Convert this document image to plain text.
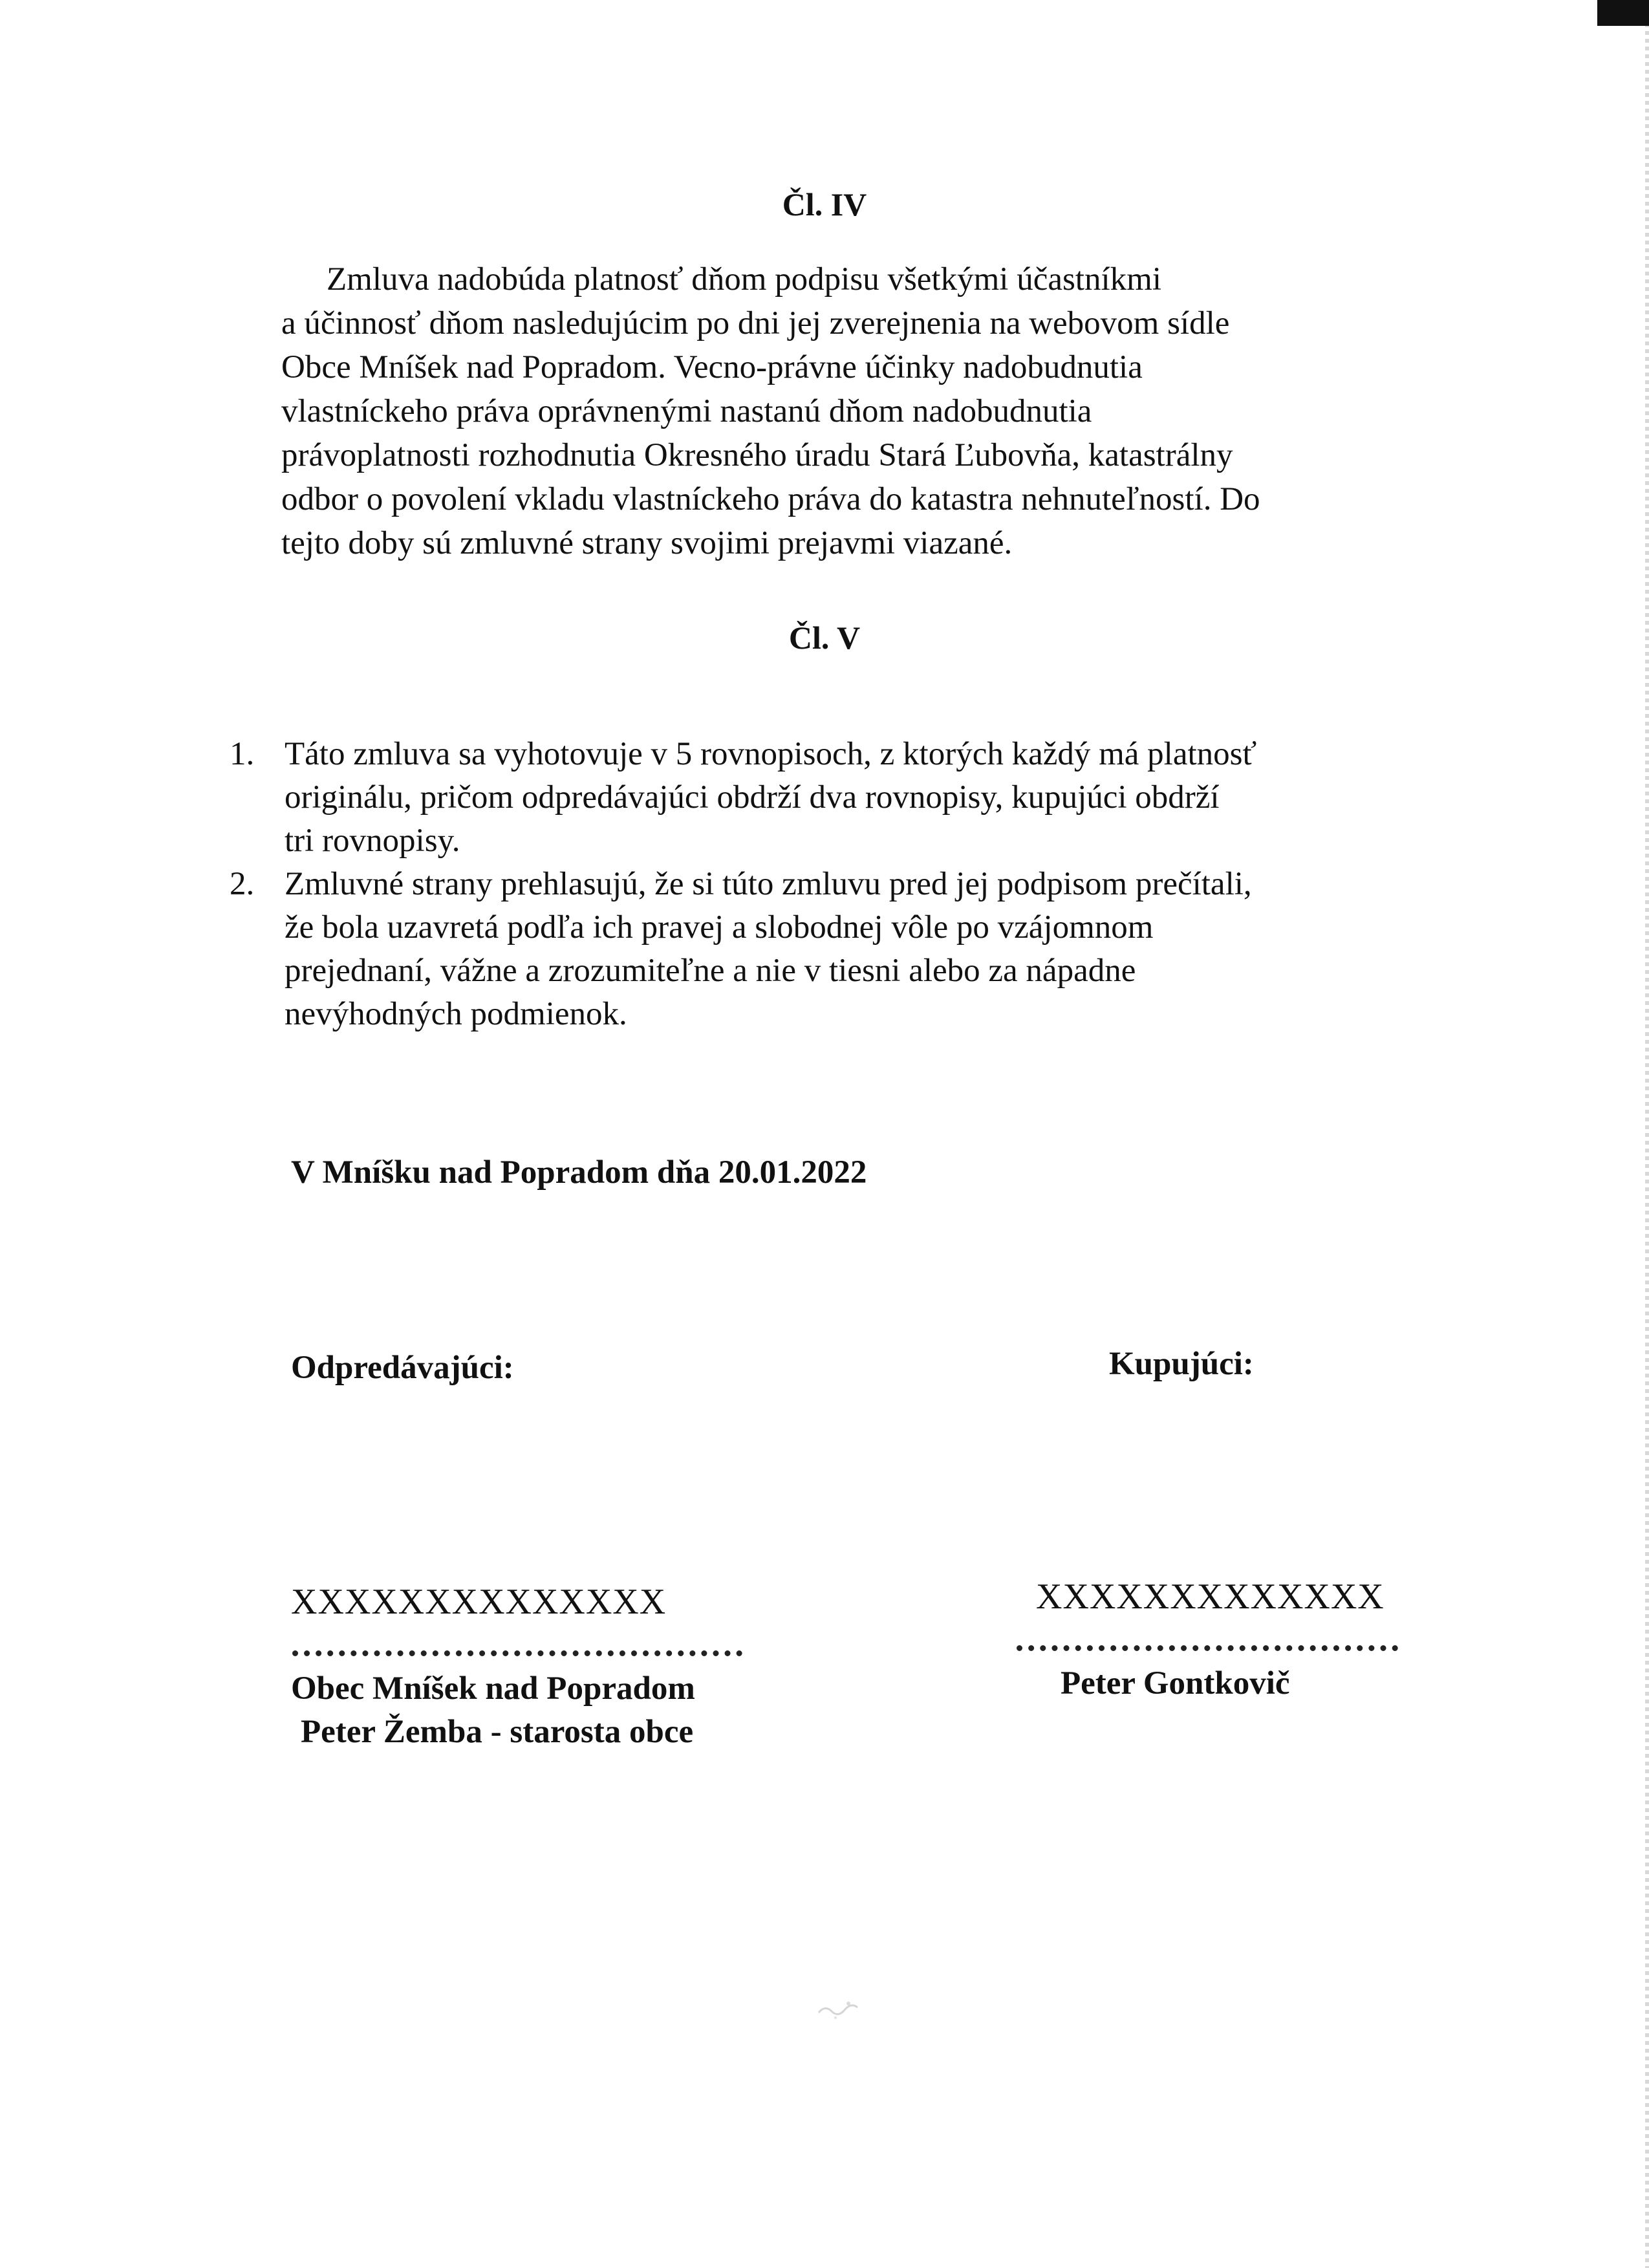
Čl. IV
Zmluva nadobúda platnosť dňom podpisu všetkými účastníkmi
a účinnosť dňom nasledujúcim po dni jej zverejnenia na webovom sídle
Obce Mníšek nad Popradom. Vecno-právne účinky nadobudnutia
vlastníckeho práva oprávnenými nastanú dňom nadobudnutia
právoplatnosti rozhodnutia Okresného úradu Stará Ľubovňa, katastrálny
odbor o povolení vkladu vlastníckeho práva do katastra nehnuteľností. Do
tejto doby sú zmluvné strany svojimi prejavmi viazané.
Čl. V
1. Táto zmluva sa vyhotovuje v 5 rovnopisoch, z ktorých každý má platnosť
originálu, pričom odpredávajúci obdrží dva rovnopisy, kupujúci obdrží
tri rovnopisy.
2. Zmluvné strany prehlasujú, že si túto zmluvu pred jej podpisom prečítali,
že bola uzavretá podľa ich pravej a slobodnej vôle po vzájomnom
prejednaní, vážne a zrozumiteľne a nie v tiesni alebo za nápadne
nevýhodných podmienok.
V Mníšku nad Popradom dňa 20.01.2022
Odpredávajúci:
XXXXXXXXXXXXXX
Obec Mníšek nad Popradom
Peter Žemba - starosta obce
Kupujúci:
XXXXXXXXXXXXX
Peter Gontkovič
